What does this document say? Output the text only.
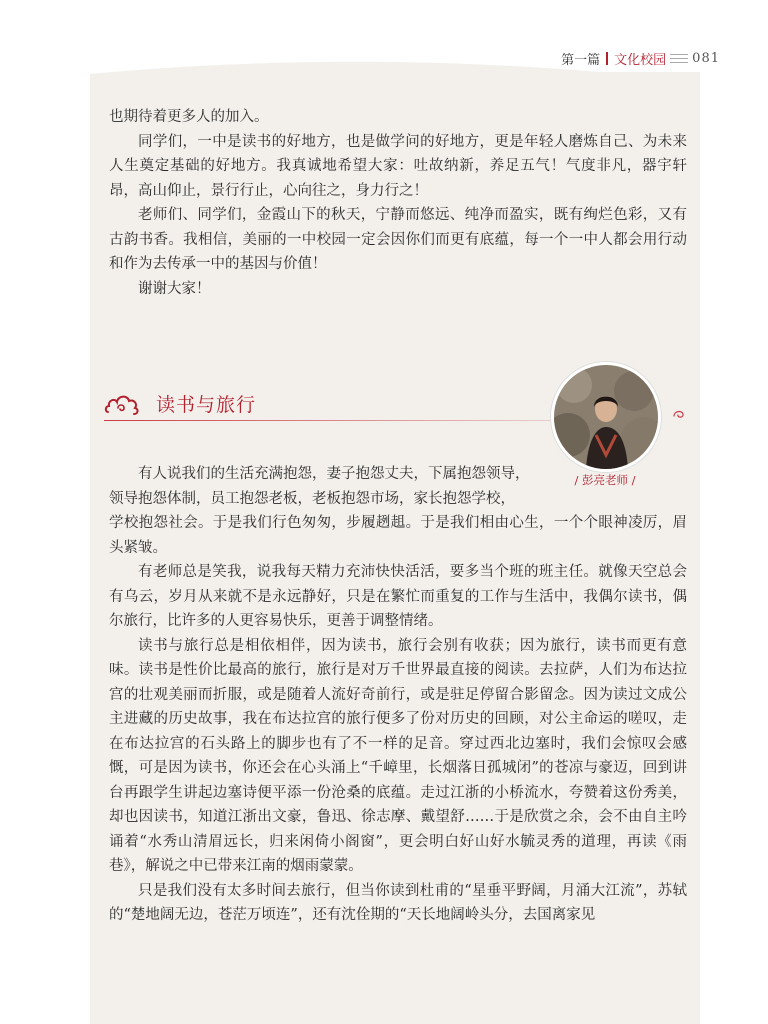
第一篇 文化校园 081

也期待着更多人的加入。

同学们，一中是读书的好地方，也是做学问的好地方，更是年轻人磨炼自己、为未来人生奠定基础的好地方。我真诚地希望大家：吐故纳新，养足五气！气度非凡，器宇轩昂，高山仰止，景行行止，心向往之，身力行之！

老师们、同学们，金霞山下的秋天，宁静而悠远、纯净而盈实，既有绚烂色彩，又有古韵书香。我相信，美丽的一中校园一定会因你们而更有底蕴，每一个一中人都会用行动和作为去传承一中的基因与价值！

谢谢大家！

读书与旅行
/ 彭亮老师 /

有人说我们的生活充满抱怨，妻子抱怨丈夫，下属抱怨领导，

领导抱怨体制，员工抱怨老板，老板抱怨市场，家长抱怨学校，

学校抱怨社会。于是我们行色匆匆，步履趔趄。于是我们相由心生，一个个眼神凌厉，眉头紧皱。

有老师总是笑我，说我每天精力充沛快快活活，要多当个班的班主任。就像天空总会有乌云，岁月从来就不是永远静好，只是在繁忙而重复的工作与生活中，我偶尔读书，偶尔旅行，比许多的人更容易快乐，更善于调整情绪。

读书与旅行总是相依相伴，因为读书，旅行会别有收获；因为旅行，读书而更有意味。读书是性价比最高的旅行，旅行是对万千世界最直接的阅读。去拉萨，人们为布达拉宫的壮观美丽而折服，或是随着人流好奇前行，或是驻足停留合影留念。因为读过文成公主进藏的历史故事，我在布达拉宫的旅行便多了份对历史的回顾，对公主命运的嗟叹，走在布达拉宫的石头路上的脚步也有了不一样的足音。穿过西北边塞时，我们会惊叹会感慨，可是因为读书，你还会在心头涌上“千嶂里，长烟落日孤城闭”的苍凉与豪迈，回到讲台再跟学生讲起边塞诗便平添一份沧桑的底蕴。走过江浙的小桥流水，夸赞着这份秀美，却也因读书，知道江浙出文豪，鲁迅、徐志摩、戴望舒……于是欣赏之余，会不由自主吟诵着“水秀山清眉远长，归来闲倚小阁窗”，更会明白好山好水毓灵秀的道理，再读《雨巷》，解说之中已带来江南的烟雨蒙蒙。

只是我们没有太多时间去旅行，但当你读到杜甫的“星垂平野阔，月涌大江流”，苏轼的“楚地阔无边，苍茫万顷连”，还有沈佺期的“天长地阔岭头分，去国离家见
